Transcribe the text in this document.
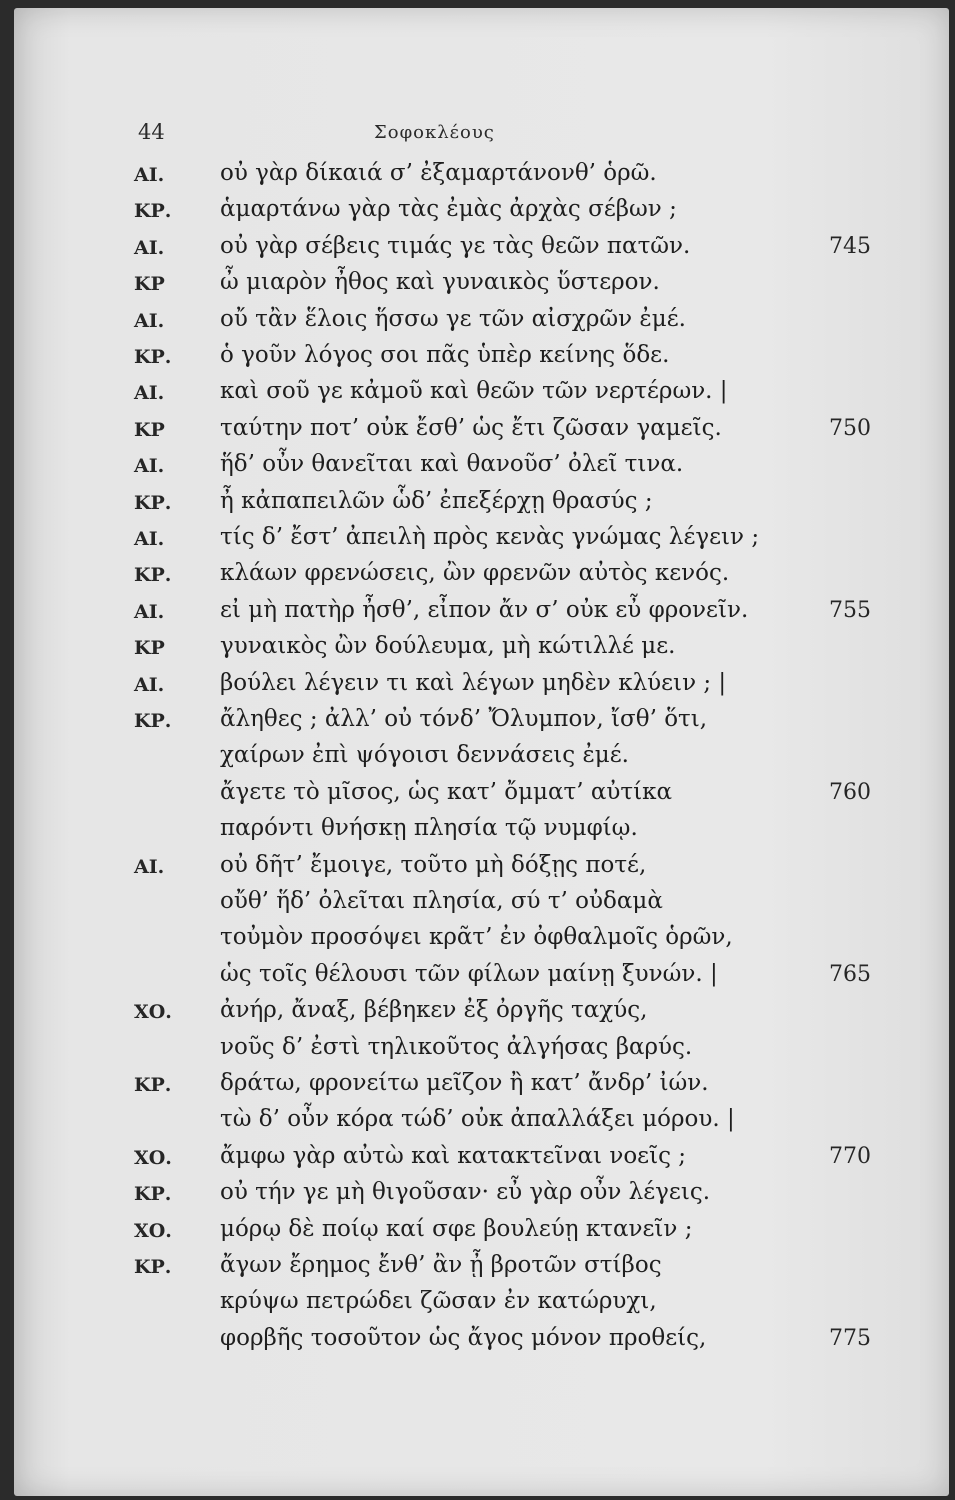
44	Σοφοκλέους
ΑΙ. οὐ γὰρ δίκαιά σ’ ἐξαμαρτάνονθ’ ὁρῶ.
ΚΡ. ἁμαρτάνω γὰρ τὰς ἐμὰς ἀρχὰς σέβων ;
ΑΙ. οὐ γὰρ σέβεις τιμάς γε τὰς θεῶν πατῶν.	745
ΚΡ ὦ μιαρὸν ἦθος καὶ γυναικὸς ὕστερον.
ΑΙ. οὔ τἂν ἕλοις ἥσσω γε τῶν αἰσχρῶν ἐμέ.
ΚΡ. ὁ γοῦν λόγος σοι πᾶς ὑπὲρ κείνης ὅδε.
ΑΙ. καὶ σοῦ γε κἀμοῦ καὶ θεῶν τῶν νερτέρων. |
ΚΡ ταύτην ποτ’ οὐκ ἔσθ’ ὡς ἔτι ζῶσαν γαμεῖς.	750
ΑΙ. ἥδ’ οὖν θανεῖται καὶ θανοῦσ’ ὀλεῖ τινα.
ΚΡ. ἦ κἀπαπειλῶν ὧδ’ ἐπεξέρχῃ θρασύς ;
ΑΙ. τίς δ’ ἔστ’ ἀπειλὴ πρὸς κενὰς γνώμας λέγειν ;
ΚΡ. κλάων φρενώσεις, ὢν φρενῶν αὐτὸς κενός.
ΑΙ. εἰ μὴ πατὴρ ἦσθ’, εἶπον ἄν σ’ οὐκ εὖ φρονεῖν.	755
ΚΡ γυναικὸς ὢν δούλευμα, μὴ κώτιλλέ με.
ΑΙ. βούλει λέγειν τι καὶ λέγων μηδὲν κλύειν ; |
ΚΡ. ἄληθες ; ἀλλ’ οὐ τόνδ’ Ὄλυμπον, ἴσθ’ ὅτι,
χαίρων ἐπὶ ψόγοισι δεννάσεις ἐμέ.
ἄγετε τὸ μῖσος, ὡς κατ’ ὄμματ’ αὐτίκα	760
παρόντι θνήσκῃ πλησία τῷ νυμφίῳ.
ΑΙ. οὐ δῆτ’ ἔμοιγε, τοῦτο μὴ δόξῃς ποτέ,
οὔθ’ ἥδ’ ὀλεῖται πλησία, σύ τ’ οὐδαμὰ
τοὐμὸν προσόψει κρᾶτ’ ἐν ὀφθαλμοῖς ὁρῶν,
ὡς τοῖς θέλουσι τῶν φίλων μαίνῃ ξυνών. |	765
ΧΟ. ἀνήρ, ἄναξ, βέβηκεν ἐξ ὀργῆς ταχύς,
νοῦς δ’ ἐστὶ τηλικοῦτος ἀλγήσας βαρύς.
ΚΡ. δράτω, φρονείτω μεῖζον ἢ κατ’ ἄνδρ’ ἰών.
τὼ δ’ οὖν κόρα τώδ’ οὐκ ἀπαλλάξει μόρου. |
ΧΟ. ἄμφω γὰρ αὐτὼ καὶ κατακτεῖναι νοεῖς ;	770
ΚΡ. οὐ τήν γε μὴ θιγοῦσαν· εὖ γὰρ οὖν λέγεις.
ΧΟ. μόρῳ δὲ ποίῳ καί σφε βουλεύῃ κτανεῖν ;
ΚΡ. ἄγων ἔρημος ἔνθ’ ἂν ᾖ βροτῶν στίβος
κρύψω πετρώδει ζῶσαν ἐν κατώρυχι,
φορβῆς τοσοῦτον ὡς ἄγος μόνον προθείς,	775
